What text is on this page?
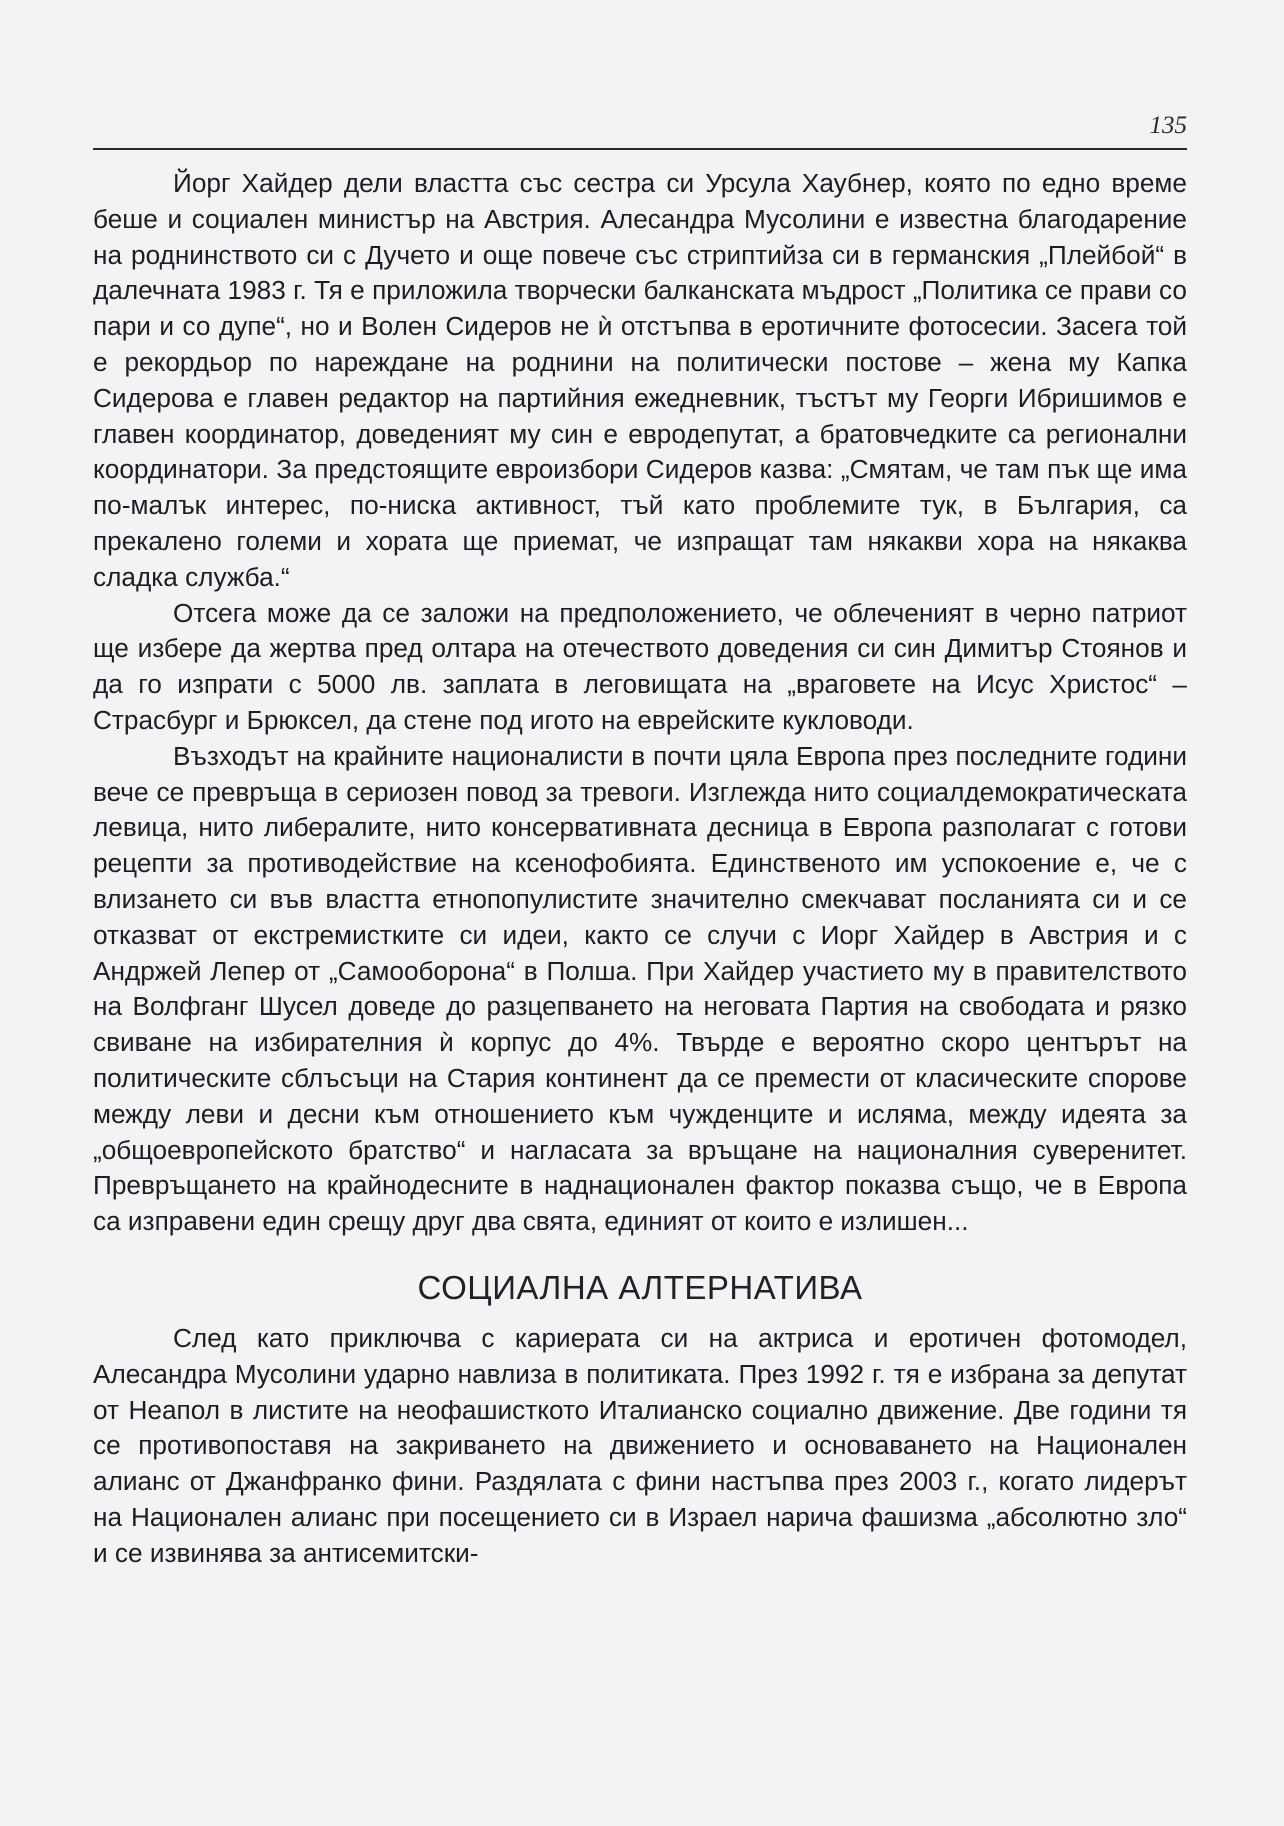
135

Йорг Хайдер дели властта със сестра си Урсула Хаубнер, която по едно време беше и социален министър на Австрия. Алесандра Мусолини е известна благодарение на роднинството си с Дучето и още повече със стриптийза си в германския „Плейбой“ в далечната 1983 г. Тя е приложила творчески балканската мъдрост „Политика се прави со пари и со дупе“, но и Волен Сидеров не ѝ отстъпва в еротичните фотосесии. Засега той е рекордьор по нареждане на роднини на политически постове – жена му Капка Сидерова е главен редактор на партийния ежедневник, тъстът му Георги Ибришимов е главен координатор, доведеният му син е евродепутат, а братовчедките са регионални координатори. За предстоящите евроизбори Сидеров казва: „Смятам, че там пък ще има по-малък интерес, по-ниска активност, тъй като проблемите тук, в България, са прекалено големи и хората ще приемат, че изпращат там някакви хора на някаква сладка служба.“

Отсега може да се заложи на предположението, че облеченият в черно патриот ще избере да жертва пред олтара на отечеството доведения си син Димитър Стоянов и да го изпрати с 5000 лв. заплата в леговищата на „враговете на Исус Христос“ – Страсбург и Брюксел, да стене под игото на еврейските кукловоди.

Възходът на крайните националисти в почти цяла Европа през последните години вече се превръща в сериозен повод за тревоги. Изглежда нито социалдемократическата левица, нито либералите, нито консервативната десница в Европа разполагат с готови рецепти за противодействие на ксенофобията. Единственото им успокоение е, че с влизането си във властта етнопопулистите значително смекчават посланията си и се отказват от екстремистките си идеи, както се случи с Иорг Хайдер в Австрия и с Андржей Лепер от „Самооборона“ в Полша. При Хайдер участието му в правителството на Волфганг Шусел доведе до разцепването на неговата Партия на свободата и рязко свиване на избирателния ѝ корпус до 4%. Твърде е вероятно скоро центърът на политическите сблъсъци на Стария континент да се премести от класическите спорове между леви и десни към отношението към чужденците и исляма, между идеята за „общоевропейското братство“ и нагласата за връщане на националния суверенитет. Превръщането на крайнодесните в наднационален фактор показва също, че в Европа са изправени един срещу друг два свята, единият от които е излишен...

СОЦИАЛНА АЛТЕРНАТИВА

След като приключва с кариерата си на актриса и еротичен фотомодел, Алесандра Мусолини ударно навлиза в политиката. През 1992 г. тя е избрана за депутат от Неапол в листите на неофашисткото Италианско социално движение. Две години тя се противопоставя на закриването на движението и основаването на Национален алианс от Джанфранко фини. Раздялата с фини настъпва през 2003 г., когато лидерът на Национален алианс при посещението си в Израел нарича фашизма „абсолютно зло“ и се извинява за антисемитски-
